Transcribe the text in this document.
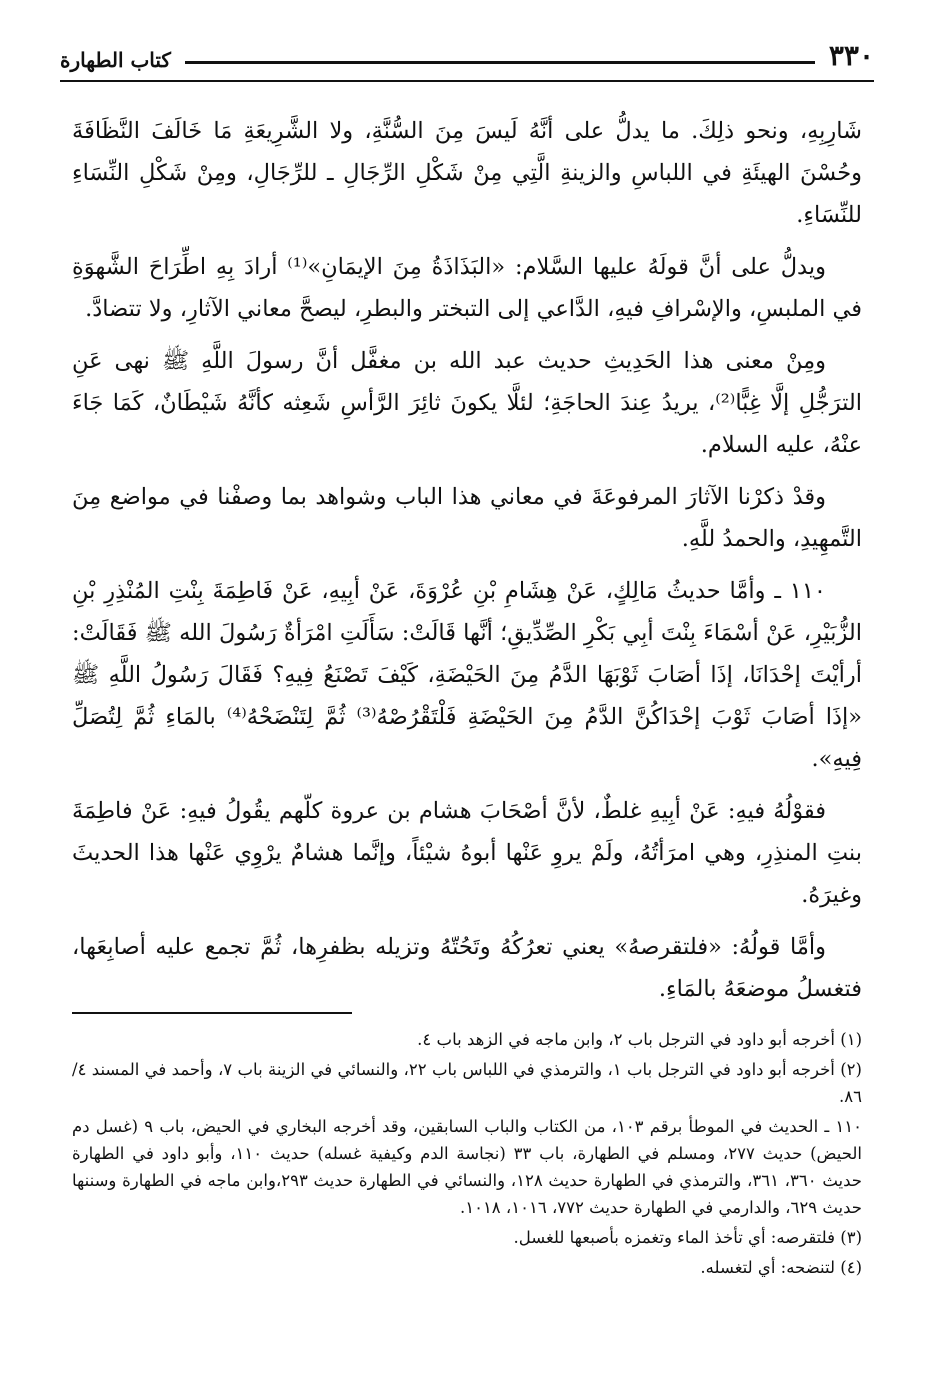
٣٣٠
كتاب الطهارة

شَارِبِهِ، ونحو ذلِكَ. ما يدلُّ على أنَّهُ لَيسَ مِنَ السُّنَّةِ، ولا الشَّرِيعَةِ مَا خَالَفَ النَّظَافَةَ وحُسْنَ الهيئَةِ في اللباسِ والزينةِ الَّتِي مِنْ شَكْلِ الرِّجَالِ ـ للرِّجَالِ، ومِنْ شَكْلِ النِّسَاءِ للنِّسَاءِ.

ويدلُّ على أنَّ قولَهُ عليها السَّلام: «البَذَاذَةُ مِنَ الإيمَانِ»⁽¹⁾ أرادَ بِهِ اطِّرَاحَ الشَّهوَةِ في الملبسِ، والإسْرافِ فيهِ، الدَّاعي إلى التبختر والبطرِ، ليصحَّ معاني الآثارِ، ولا تتضادَّ.

ومِنْ معنى هذا الحَدِيثِ حديث عبد الله بن مغفَّل أنَّ رسولَ اللَّهِ ﷺ نهى عَنِ الترَجُّلِ إلَّا غِبًّا⁽²⁾، يريدُ عِندَ الحاجَةِ؛ لئلَّا يكونَ ثائِرَ الرَّأسِ شَعِثه كأنَّهُ شَيْطَانٌ، كَمَا جَاءَ عنْهُ، عليه السلام.

وقدْ ذكرْنا الآثارَ المرفوعَةَ في معاني هذا الباب وشواهد بما وصفْنا في مواضع مِنَ التَّمهِيدِ، والحمدُ للَّهِ.

١١٠ ـ وأمَّا حديثُ مَالِكٍ، عَنْ هِشَامِ بْنِ عُرْوَةَ، عَنْ أبِيهِ، عَنْ فَاطِمَةَ بِنْتِ المُنْذِرِ بْنِ الزُّبَيْرِ، عَنْ أسْمَاءَ بِنْتَ أبِي بَكْرِ الصِّدِّيقِ؛ أنَّها قَالَتْ: سَأَلَتِ امْرَأةٌ رَسُولَ الله ﷺ فَقَالَتْ: أرأيْتَ إحْدَانَا، إذَا أصَابَ ثَوْبَهَا الدَّمُ مِنَ الحَيْضَةِ، كَيْفَ تَصْنَعُ فِيهِ؟ فَقَالَ رَسُولُ اللَّهِ ﷺ «إذَا أصَابَ ثَوْبَ إحْدَاكُنَّ الدَّمُ مِنَ الحَيْضَةِ فَلْتَقْرُصْهُ⁽³⁾ ثُمَّ لِتَنْضَحْهُ⁽⁴⁾ بالمَاءِ ثُمَّ لِتُصَلِّ فِيهِ».

فقوْلُهُ فيهِ: عَنْ أبِيهِ غلطٌ، لأنَّ أصْحَابَ هشام بن عروة كلّهم يقُولُ فيهِ: عَنْ فاطِمَةَ بنتِ المنذِرِ، وهي امرَأتُهُ، ولَمْ يروِ عَنْها أبوهُ شيْئاً، وإنَّما هشامٌ يرْوِي عَنْها هذا الحديثَ وغيرَهُ.

وأمَّا قولُهُ: «فلتقرصهُ» يعني تعرُكُهُ وتَحُتّهُ وتزيله بظفرِها، ثُمَّ تجمع عليه أصابِعَها، فتغسلُ موضعَهُ بالمَاءِ.

(١) أخرجه أبو داود في الترجل باب ٢، وابن ماجه في الزهد باب ٤.

(٢) أخرجه أبو داود في الترجل باب ١، والترمذي في اللباس باب ٢٢، والنسائي في الزينة باب ٧، وأحمد في المسند ٤/ ٨٦.

١١٠ ـ الحديث في الموطأ برقم ١٠٣، من الكتاب والباب السابقين، وقد أخرجه البخاري في الحيض، باب ٩ (غسل دم الحيض) حديث ٢٧٧، ومسلم في الطهارة، باب ٣٣ (نجاسة الدم وكيفية غسله) حديث ١١٠، وأبو داود في الطهارة حديث ٣٦٠، ٣٦١، والترمذي في الطهارة حديث ١٢٨، والنسائي في الطهارة حديث ٢٩٣،وابن ماجه في الطهارة وسننها حديث ٦٢٩، والدارمي في الطهارة حديث ٧٧٢، ١٠١٦، ١٠١٨.

(٣) فلتقرصه: أي تأخذ الماء وتغمزه بأصبعها للغسل.

(٤) لتنضحه: أي لتغسله.
